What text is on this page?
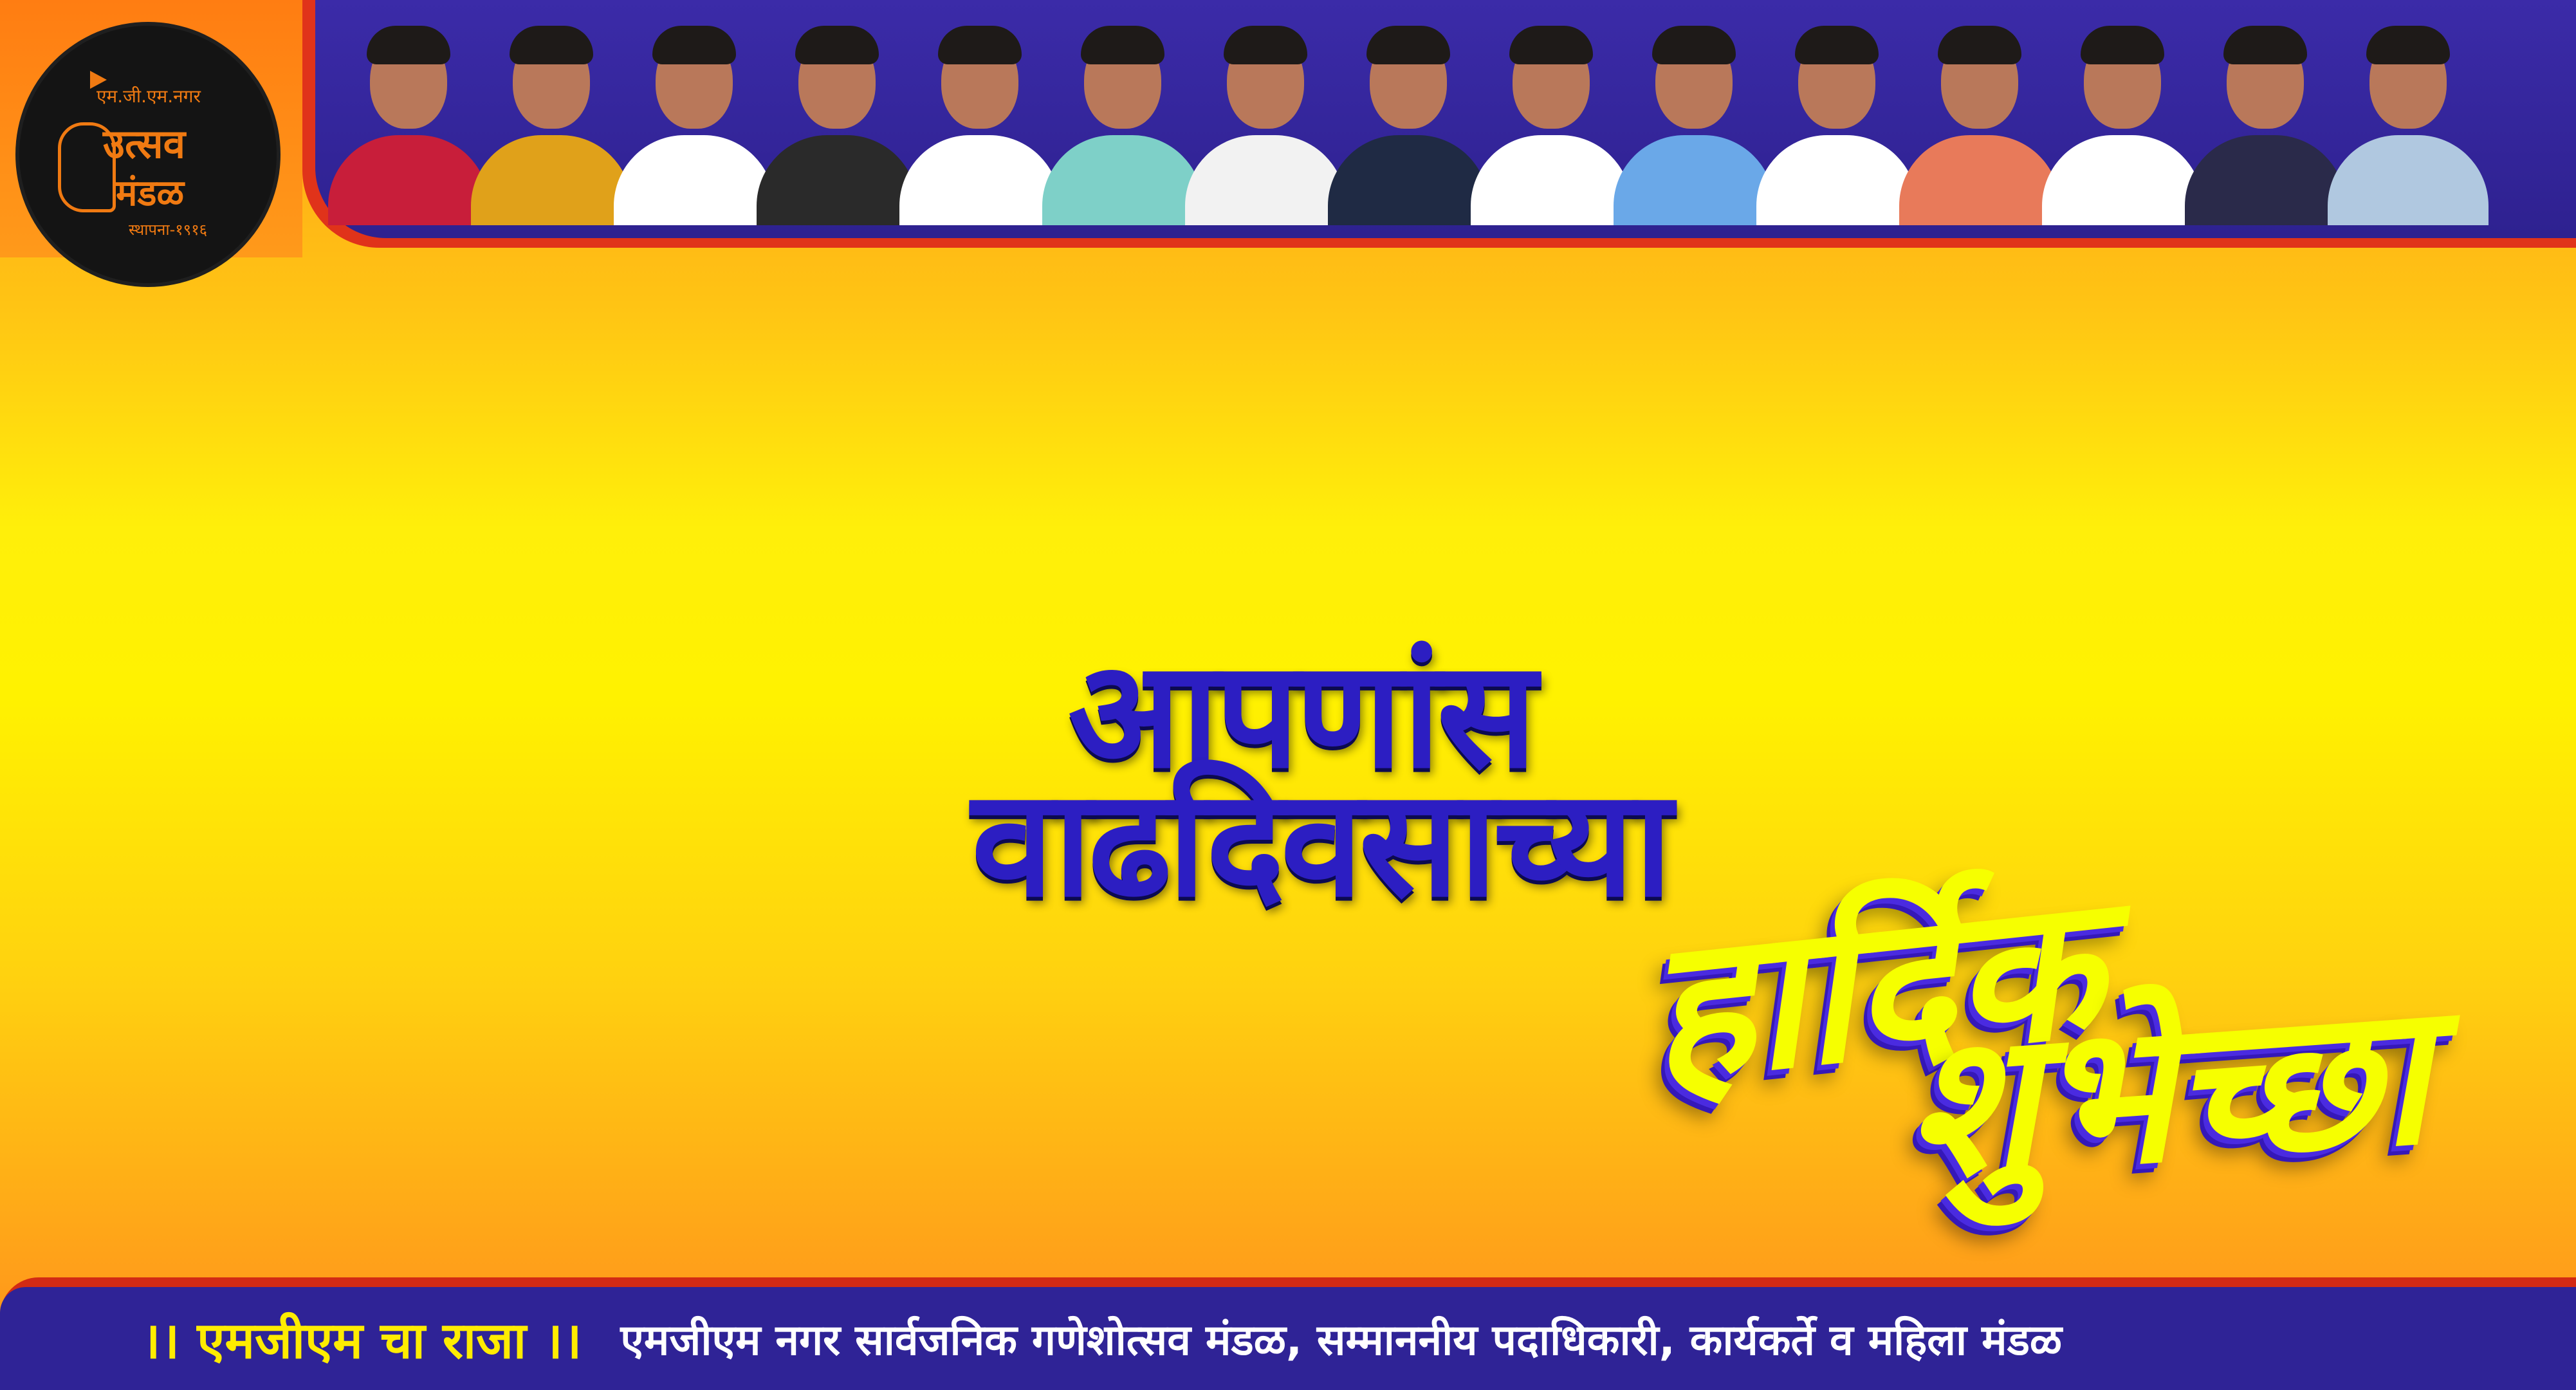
एम.जी.एम.नगर
उत्सव
मंडळ
स्थापना-१९१६
आपणांस
वाढदिवसाच्या
हार्दिक
शुभेच्छा
।। एमजीएम चा राजा ।। एमजीएम नगर सार्वजनिक गणेशोत्सव मंडळ, सम्माननीय पदाधिकारी, कार्यकर्ते व महिला मंडळ
